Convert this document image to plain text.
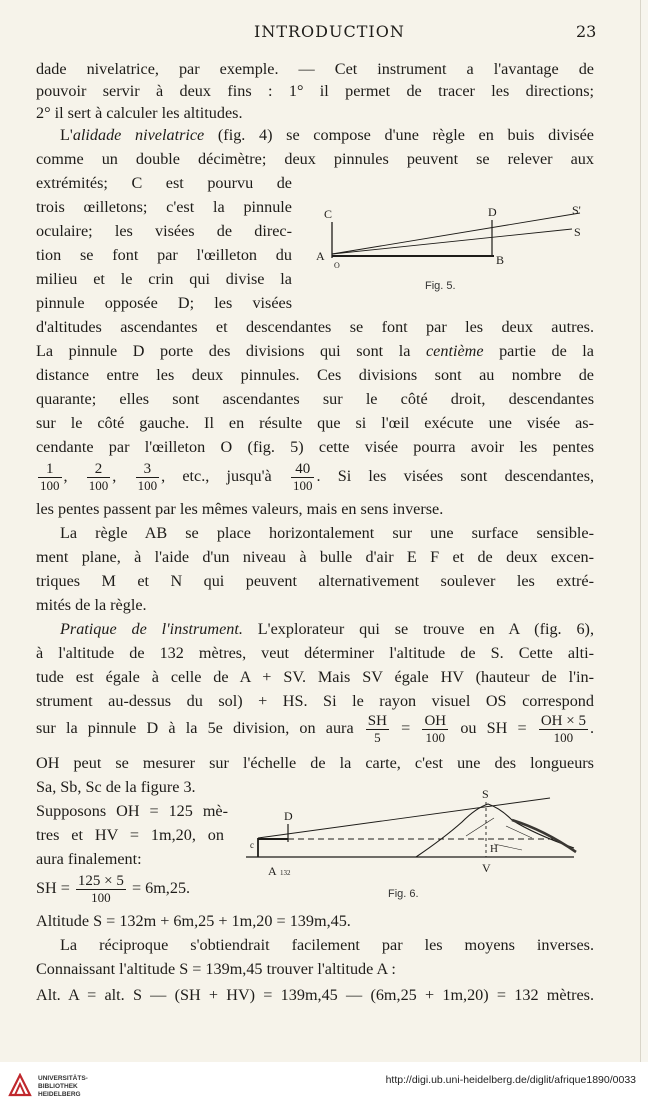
INTRODUCTION	23
dade nivelatrice, par exemple. — Cet instrument a l'avantage de
pouvoir servir à deux fins : 1° il permet de tracer les directions;
2° il sert à calculer les altitudes.
L'alidade nivelatrice (fig. 4) se compose d'une règle en buis divisée
comme un double décimètre; deux pinnules peuvent se relever aux
extrémités; C est pourvu de
trois œilletons; c'est la pinnule
oculaire; les visées de direc-
tion se font par l'œilleton du
milieu et le crin qui divise la
pinnule opposée D; les visées
C	D	S'
S
A
O	B
Fig. 5.
d'altitudes ascendantes et descendantes se font par les deux autres.
La pinnule D porte des divisions qui sont la centième partie de la
distance entre les deux pinnules. Ces divisions sont au nombre de
quarante; elles sont ascendantes sur le côté droit, descendantes
sur le côté gauche. Il en résulte que si l'œil exécute une visée as-
cendante par l'œilleton O (fig. 5) cette visée pourra avoir les pentes
$\frac{1}{100}$ , $\frac{2}{100}$ , $\frac{3}{100}$ , etc., jusqu'à $\frac{40}{100}$ . Si les visées sont descendantes,
les pentes passent par les mêmes valeurs, mais en sens inverse.
La règle AB se place horizontalement sur une surface sensible-
ment plane, à l'aide d'un niveau à bulle d'air E F et de deux excen-
triques M et N qui peuvent alternativement soulever les extré-
mités de la règle.
Pratique de l'instrument. L'explorateur qui se trouve en A (fig. 6),
à l'altitude de 132 mètres, veut déterminer l'altitude de S. Cette alti-
tude est égale à celle de A + SV. Mais SV égale HV (hauteur de l'in-
strument au-dessus du sol) + HS. Si le rayon visuel OS correspond
sur la pinnule D à la 5e division, on aura $\frac{SH}{5} = \frac{OH}{100}$ ou SH = $\frac{OH \times 5}{100}$ .
OH peut se mesurer sur l'échelle de la carte, c'est une des longueurs
Sa, Sb, Sc de la figure 3.
Supposons OH = 125 mè-
tres et HV = 1m,20, on
aura finalement:
SH = $\frac{125 \times 5}{100} = 6m,25$.
D
S
c	H
A 132	V
Fig. 6.
Altitude S = 132m + 6m,25 + 1m,20 = 139m,45.
La réciproque s'obtiendrait facilement par les moyens inverses.
Connaissant l'altitude S = 139m,45 trouver l'altitude A :
Alt. A = alt. S — (SH + HV) = 139m,45 — (6m,25 + 1m,20) = 132 mètres.
UNIVERSITÄTS-
BIBLIOTHEK
HEIDELBERG
http://digi.ub.uni-heidelberg.de/diglit/afrique1890/0033
